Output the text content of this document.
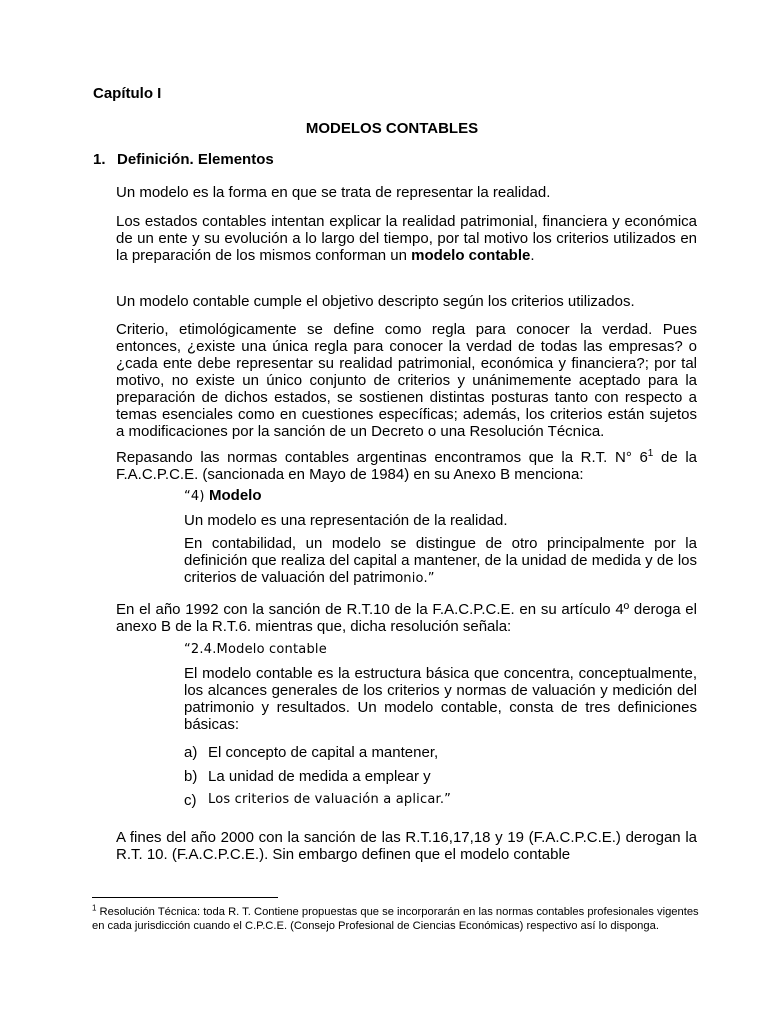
Capítulo I

MODELOS CONTABLES

1. Definición. Elementos

Un modelo es la forma en que se trata de representar la realidad.

Los estados contables intentan explicar la realidad patrimonial, financiera y económica de un ente y su evolución a lo largo del tiempo, por tal motivo los criterios utilizados en la preparación de los mismos conforman un modelo contable.

Un modelo contable cumple el objetivo descripto según los criterios utilizados.

Criterio, etimológicamente se define como regla para conocer la verdad. Pues entonces, ¿existe una única regla para conocer la verdad de todas las empresas? o ¿cada ente debe representar su realidad patrimonial, económica y financiera?; por tal motivo, no existe un único conjunto de criterios y unánimemente aceptado para la preparación de dichos estados, se sostienen distintas posturas tanto con respecto a temas esenciales como en cuestiones específicas; además, los criterios están sujetos a modificaciones por la sanción de un Decreto o una Resolución Técnica.

Repasando las normas contables argentinas encontramos que la R.T. N° $6^1$ de la F.A.C.P.C.E. (sancionada en Mayo de 1984) en su Anexo B menciona:

“4) Modelo

Un modelo es una representación de la realidad.

En contabilidad, un modelo se distingue de otro principalmente por la definición que realiza del capital a mantener, de la unidad de medida y de los criterios de valuación del patrimonio.”

En el año 1992 con la sanción de R.T.10 de la F.A.C.P.C.E. en su artículo 4º deroga el anexo B de la R.T.6. mientras que, dicha resolución señala:

“2.4.Modelo contable

El modelo contable es la estructura básica que concentra, conceptualmente, los alcances generales de los criterios y normas de valuación y medición del patrimonio y resultados. Un modelo contable, consta de tres definiciones básicas:

a) El concepto de capital a mantener,

b) La unidad de medida a emplear y

c) Los criterios de valuación a aplicar.”

A fines del año 2000 con la sanción de las R.T.16,17,18 y 19 (F.A.C.P.C.E.) derogan la R.T. 10. (F.A.C.P.C.E.). Sin embargo definen que el modelo contable

$^1$ Resolución Técnica: toda R. T. Contiene propuestas que se incorporarán en las normas contables profesionales vigentes en cada jurisdicción cuando el C.P.C.E. (Consejo Profesional de Ciencias Económicas) respectivo así lo disponga.
